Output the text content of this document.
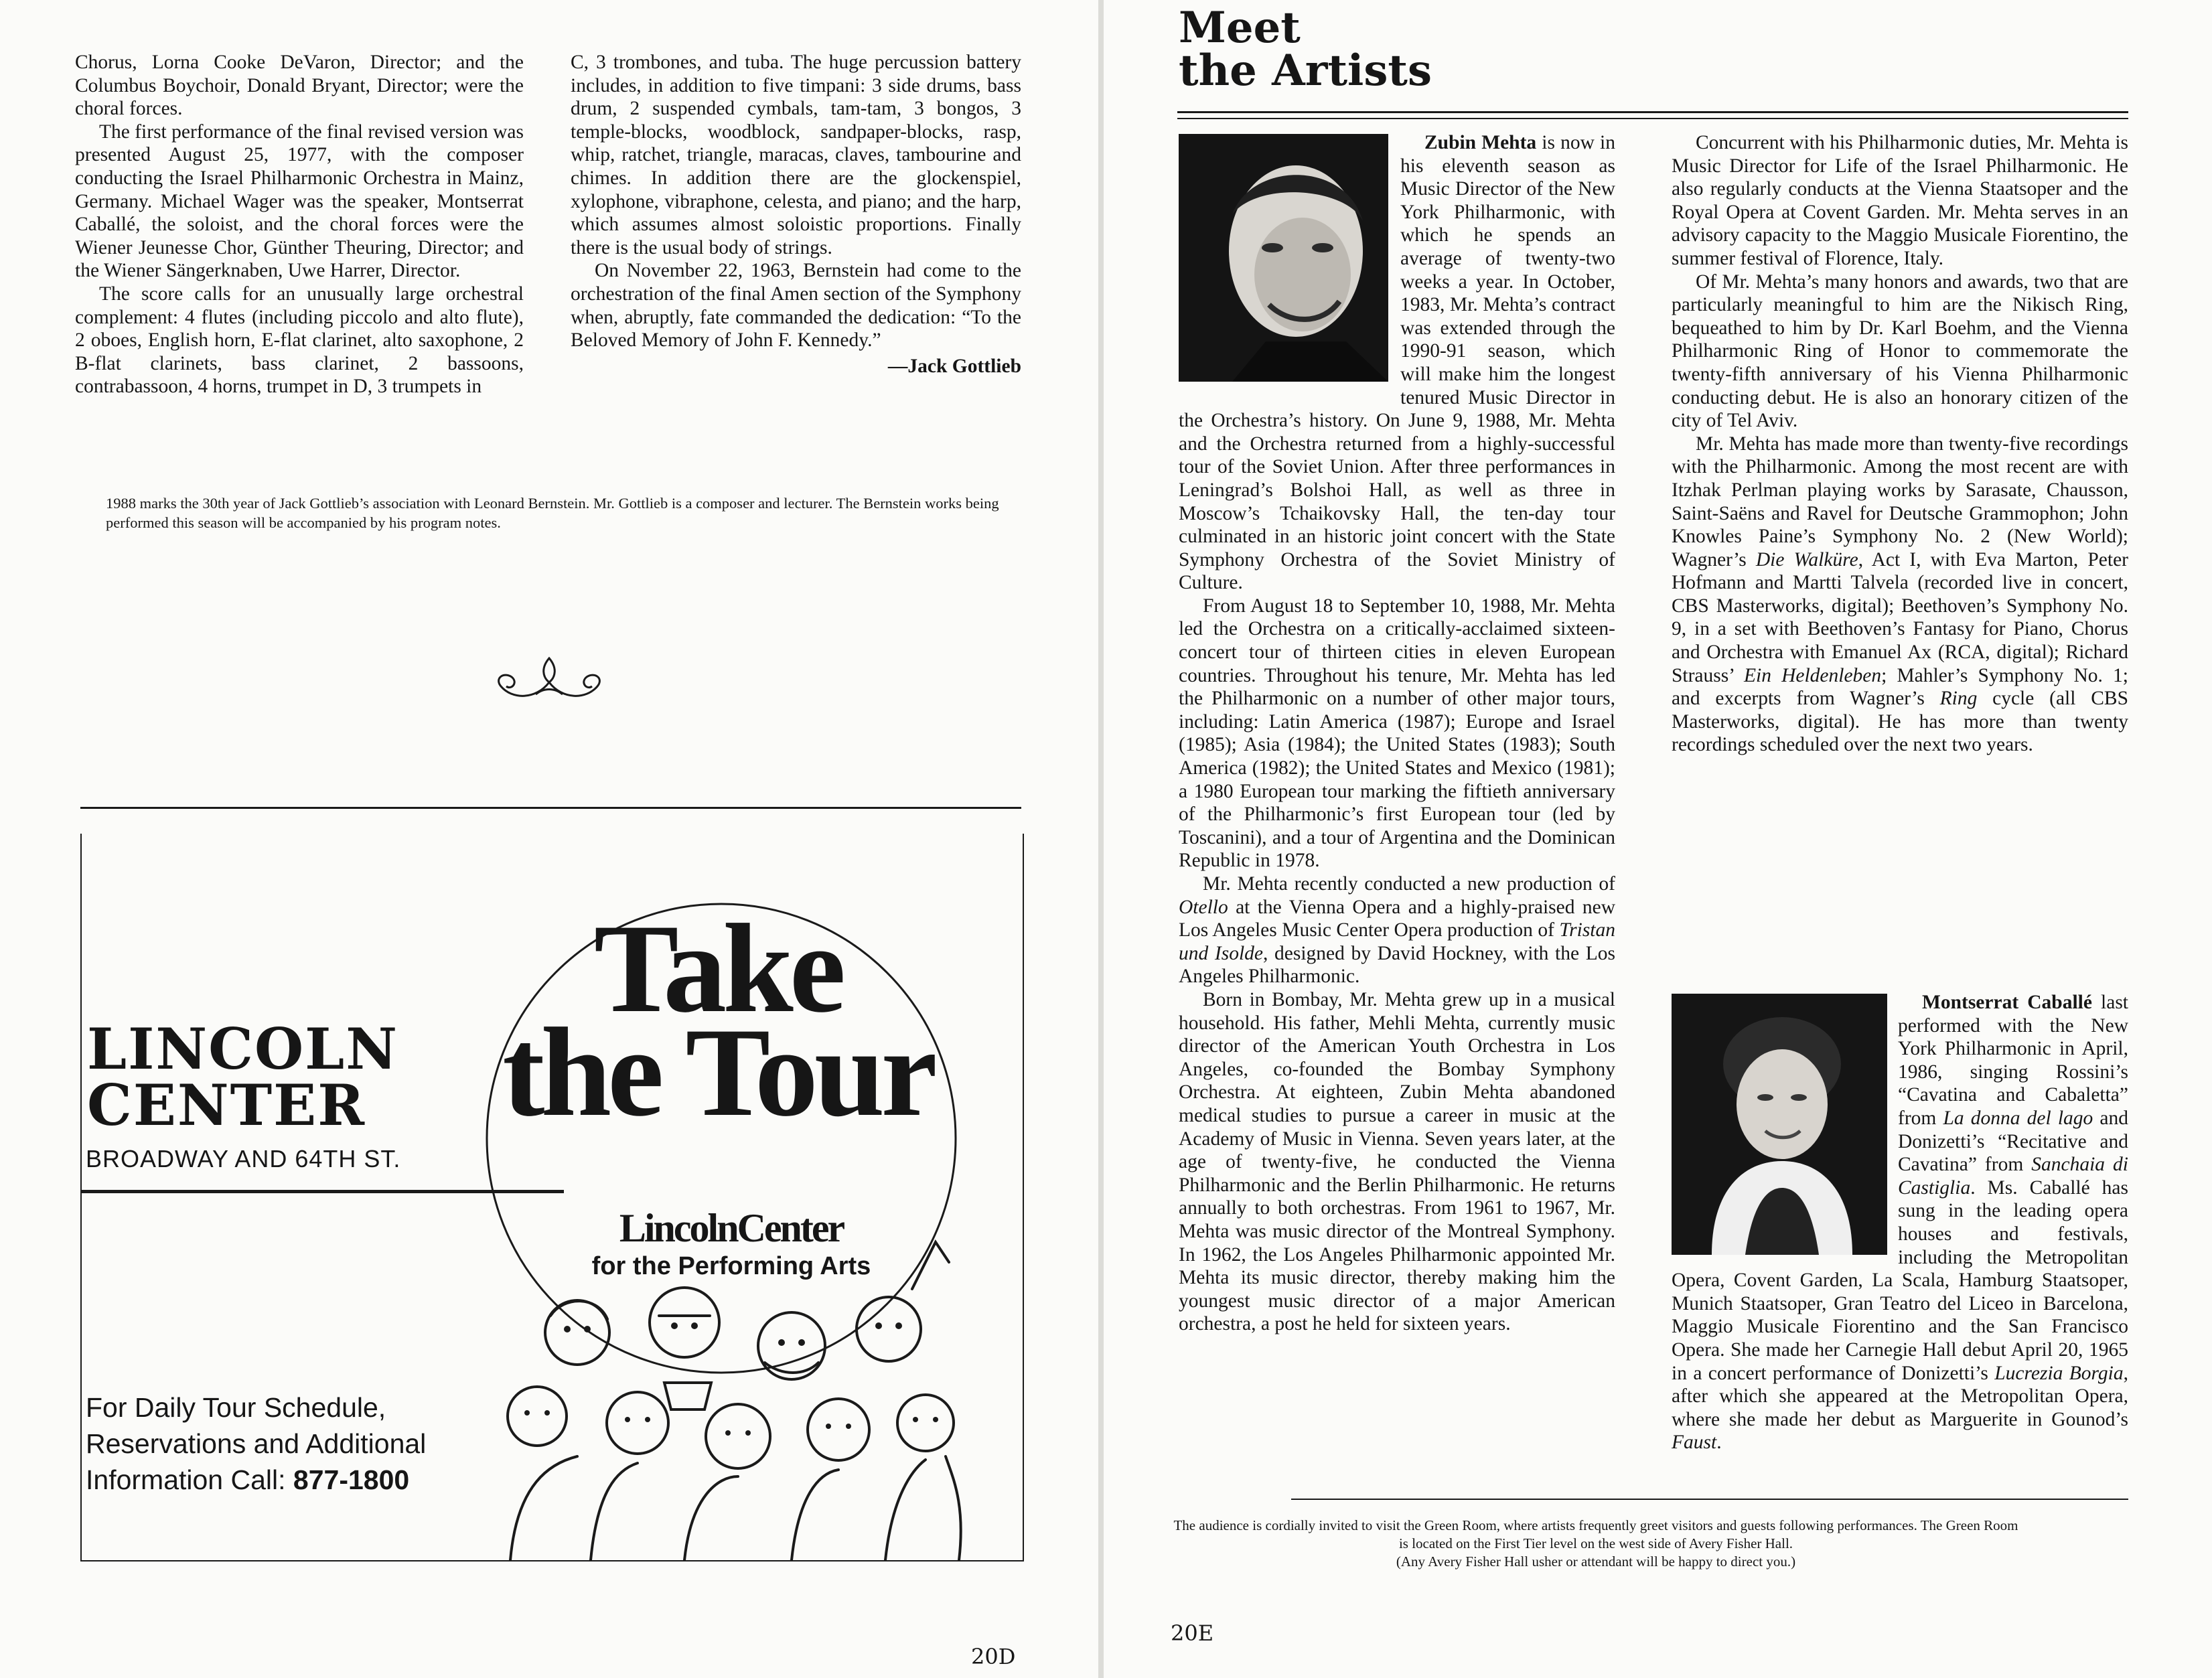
Chorus, Lorna Cooke DeVaron, Director; and the Columbus Boychoir, Donald Bryant, Director; were the choral forces.

The first performance of the final revised version was presented August 25, 1977, with the composer conducting the Israel Philharmonic Orchestra in Mainz, Germany. Michael Wager was the speaker, Montserrat Caballé, the soloist, and the choral forces were the Wiener Jeunesse Chor, Günther Theuring, Director; and the Wiener Sängerknaben, Uwe Harrer, Director.

The score calls for an unusually large orchestral complement: 4 flutes (including piccolo and alto flute), 2 oboes, English horn, E-flat clarinet, alto saxophone, 2 B-flat clarinets, bass clarinet, 2 bassoons, contrabassoon, 4 horns, trumpet in D, 3 trumpets in

C, 3 trombones, and tuba. The huge percussion battery includes, in addition to five timpani: 3 side drums, bass drum, 2 suspended cymbals, tam-tam, 3 bongos, 3 temple-blocks, woodblock, sandpaper-blocks, rasp, whip, ratchet, triangle, maracas, claves, tambourine and chimes. In addition there are the glockenspiel, xylophone, vibraphone, celesta, and piano; and the harp, which assumes almost soloistic proportions. Finally there is the usual body of strings.

On November 22, 1963, Bernstein had come to the orchestration of the final Amen section of the Symphony when, abruptly, fate commanded the dedication: “To the Beloved Memory of John F. Kennedy.”

—Jack Gottlieb
1988 marks the 30th year of Jack Gottlieb’s association with Leonard Bernstein. Mr. Gottlieb is a composer and lecturer. The Bernstein works being performed this season will be accompanied by his program notes.
LINCOLN
CENTER
BROADWAY AND 64TH ST.
Take
the Tour
LincolnCenter
for the Performing Arts
For Daily Tour Schedule,
Reservations and Additional
Information Call: 877-1800
20D
Meet
the Artists

Zubin Mehta is now in his eleventh season as Music Director of the New York Philharmonic, with which he spends an average of twenty-two weeks a year. In October, 1983, Mr. Mehta’s contract was extended through the 1990-91 season, which will make him the longest tenured Music Director in the Orchestra’s history. On June 9, 1988, Mr. Mehta and the Orchestra returned from a highly-successful tour of the Soviet Union. After three performances in Leningrad’s Bolshoi Hall, as well as three in Moscow’s Tchaikovsky Hall, the ten-day tour culminated in an historic joint concert with the State Symphony Orchestra of the Soviet Ministry of Culture.

From August 18 to September 10, 1988, Mr. Mehta led the Orchestra on a critically-acclaimed sixteen-concert tour of thirteen cities in eleven European countries. Throughout his tenure, Mr. Mehta has led the Philharmonic on a number of other major tours, including: Latin America (1987); Europe and Israel (1985); Asia (1984); the United States (1983); South America (1982); the United States and Mexico (1981); a 1980 European tour marking the fiftieth anniversary of the Philharmonic’s first European tour (led by Toscanini), and a tour of Argentina and the Dominican Republic in 1978.

Mr. Mehta recently conducted a new production of Otello at the Vienna Opera and a highly-praised new Los Angeles Music Center Opera production of Tristan und Isolde, designed by David Hockney, with the Los Angeles Philharmonic.

Born in Bombay, Mr. Mehta grew up in a musical household. His father, Mehli Mehta, currently music director of the American Youth Orchestra in Los Angeles, co-founded the Bombay Symphony Orchestra. At eighteen, Zubin Mehta abandoned medical studies to pursue a career in music at the Academy of Music in Vienna. Seven years later, at the age of twenty-five, he conducted the Vienna Philharmonic and the Berlin Philharmonic. He returns annually to both orchestras. From 1961 to 1967, Mr. Mehta was music director of the Montreal Symphony. In 1962, the Los Angeles Philharmonic appointed Mr. Mehta its music director, thereby making him the youngest music director of a major American orchestra, a post he held for sixteen years.

Concurrent with his Philharmonic duties, Mr. Mehta is Music Director for Life of the Israel Philharmonic. He also regularly conducts at the Vienna Staatsoper and the Royal Opera at Covent Garden. Mr. Mehta serves in an advisory capacity to the Maggio Musicale Fiorentino, the summer festival of Florence, Italy.

Of Mr. Mehta’s many honors and awards, two that are particularly meaningful to him are the Nikisch Ring, bequeathed to him by Dr. Karl Boehm, and the Vienna Philharmonic Ring of Honor to commemorate the twenty-fifth anniversary of his Vienna Philharmonic conducting debut. He is also an honorary citizen of the city of Tel Aviv.

Mr. Mehta has made more than twenty-five recordings with the Philharmonic. Among the most recent are with Itzhak Perlman playing works by Sarasate, Chausson, Saint-Saëns and Ravel for Deutsche Grammophon; John Knowles Paine’s Symphony No. 2 (New World); Wagner’s Die Walküre, Act I, with Eva Marton, Peter Hofmann and Martti Talvela (recorded live in concert, CBS Masterworks, digital); Beethoven’s Symphony No. 9, in a set with Beethoven’s Fantasy for Piano, Chorus and Orchestra with Emanuel Ax (RCA, digital); Richard Strauss’ Ein Heldenleben; Mahler’s Symphony No. 1; and excerpts from Wagner’s Ring cycle (all CBS Masterworks, digital). He has more than twenty recordings scheduled over the next two years.

Montserrat Caballé last performed with the New York Philharmonic in April, 1986, singing Rossini’s “Cavatina and Cabaletta” from La donna del lago and Donizetti’s “Recitative and Cavatina” from Sanchaia di Castiglia. Ms. Caballé has sung in the leading opera houses and festivals, including the Metropolitan Opera, Covent Garden, La Scala, Hamburg Staatsoper, Munich Staatsoper, Gran Teatro del Liceo in Barcelona, Maggio Musicale Fiorentino and the San Francisco Opera. She made her Carnegie Hall debut April 20, 1965 in a concert performance of Donizetti’s Lucrezia Borgia, after which she appeared at the Metropolitan Opera, where she made her debut as Marguerite in Gounod’s Faust.

The audience is cordially invited to visit the Green Room, where artists frequently greet visitors and guests following performances. The Green Room is located on the First Tier level on the west side of Avery Fisher Hall.
(Any Avery Fisher Hall usher or attendant will be happy to direct you.)
20E
